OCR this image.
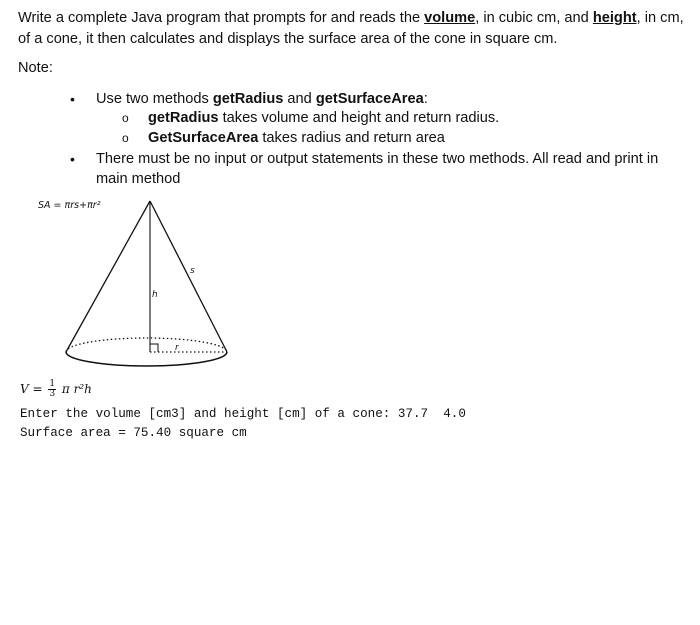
Write a complete Java program that prompts for and reads the volume, in cubic cm, and height, in cm, of a cone, it then calculates and displays the surface area of the cone in square cm.

Note:

• Use two methods getRadius and getSurfaceArea:
o getRadius takes volume and height and return radius.
o GetSurfaceArea takes radius and return area
• There must be no input or output statements in these two methods. All read and print in
main method
SA = πrs+πr²
s
h
r
$V = \frac{1}{3}$ π r²h
Enter the volume [cm3] and height [cm] of a cone: 37.7  4.0
Surface area = 75.40 square cm
